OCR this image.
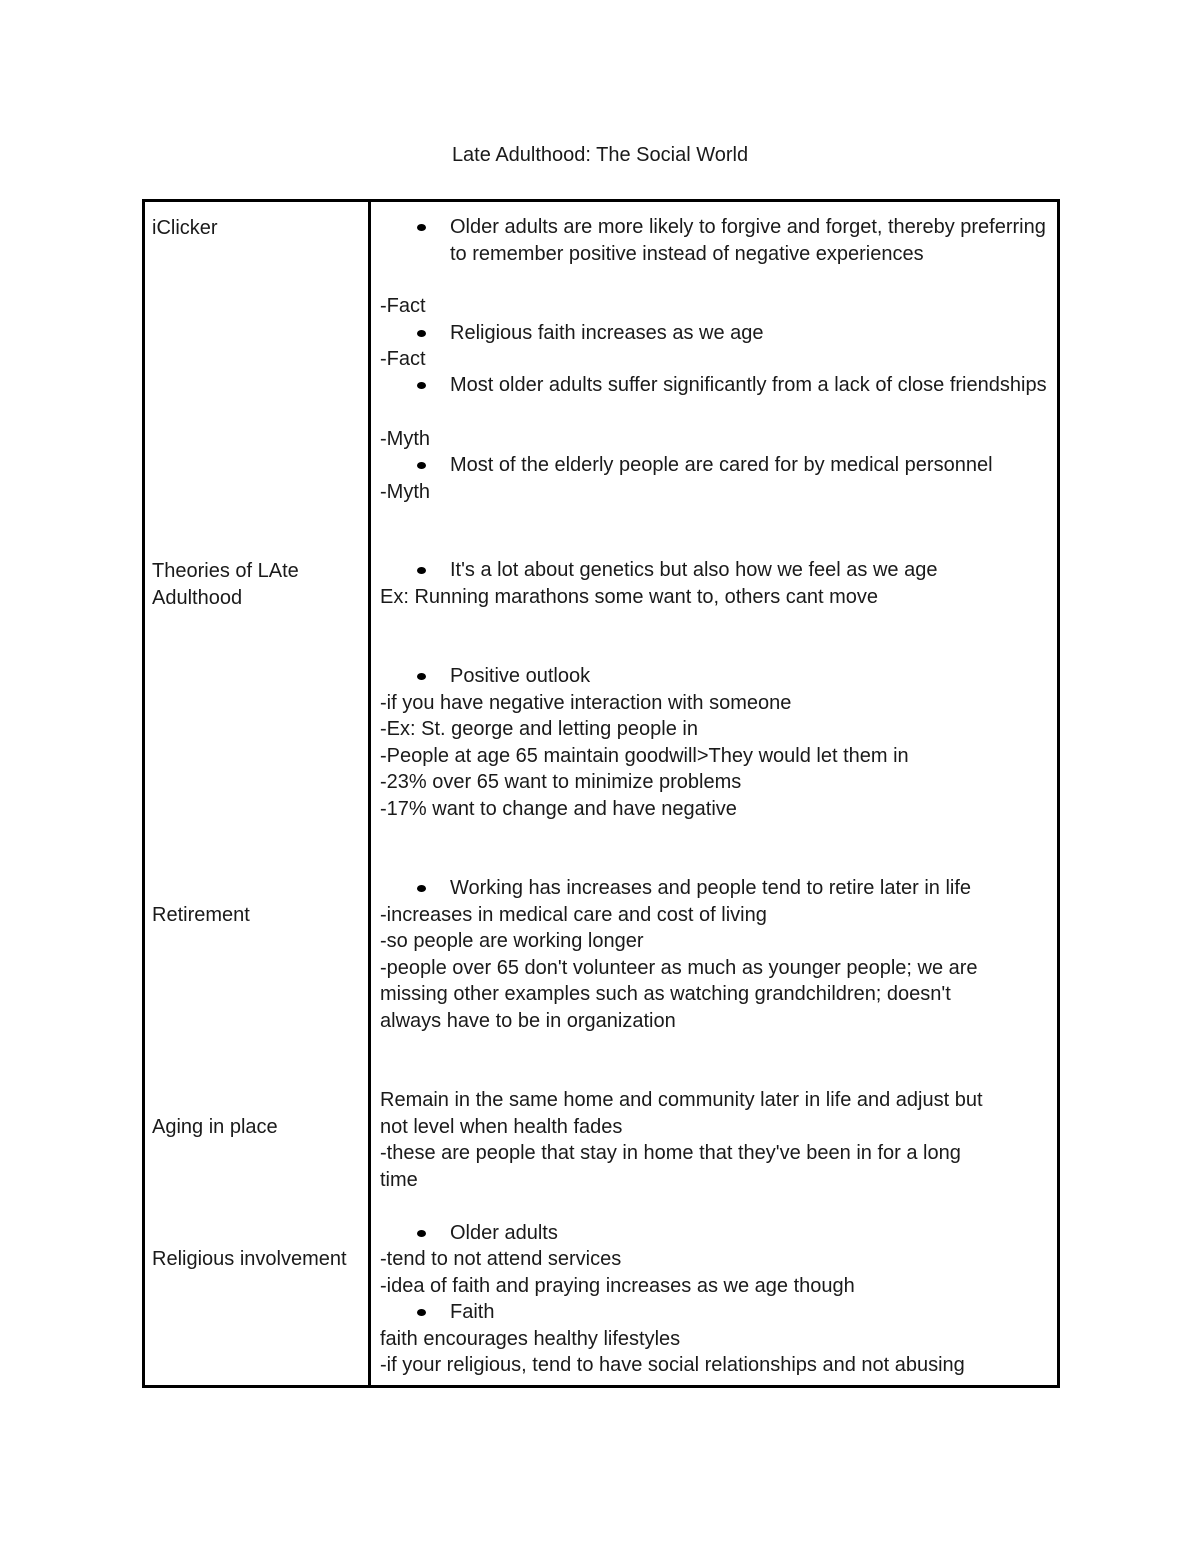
Late Adulthood: The Social World
iClicker	Older adults are more likely to forgive and forget, thereby preferring to remember positive instead of negative experiences
-Fact
Religious faith increases as we age
-Fact
Most older adults suffer significantly from a lack of close friendships
-Myth
Most of the elderly people are cared for by medical personnel
-Myth
Theories of LAte Adulthood
It's a lot about genetics but also how we feel as we age
Ex: Running marathons some want to, others cant move
Positive outlook
-if you have negative interaction with someone
-Ex: St. george and letting people in
-People at age 65 maintain goodwill>They would let them in
-23% over 65 want to minimize problems
-17% want to change and have negative
Retirement
Working has increases and people tend to retire later in life
-increases in medical care and cost of living
-so people are working longer
-people over 65 don't volunteer as much as younger people; we are
missing other examples such as watching grandchildren; doesn't
always have to be in organization
Aging in place
Remain in the same home and community later in life and adjust but
not level when health fades
-these are people that stay in home that they've been in for a long
time
Religious involvement
Older adults
-tend to not attend services
-idea of faith and praying increases as we age though
Faith
faith encourages healthy lifestyles
-if your religious, tend to have social relationships and not abusing
